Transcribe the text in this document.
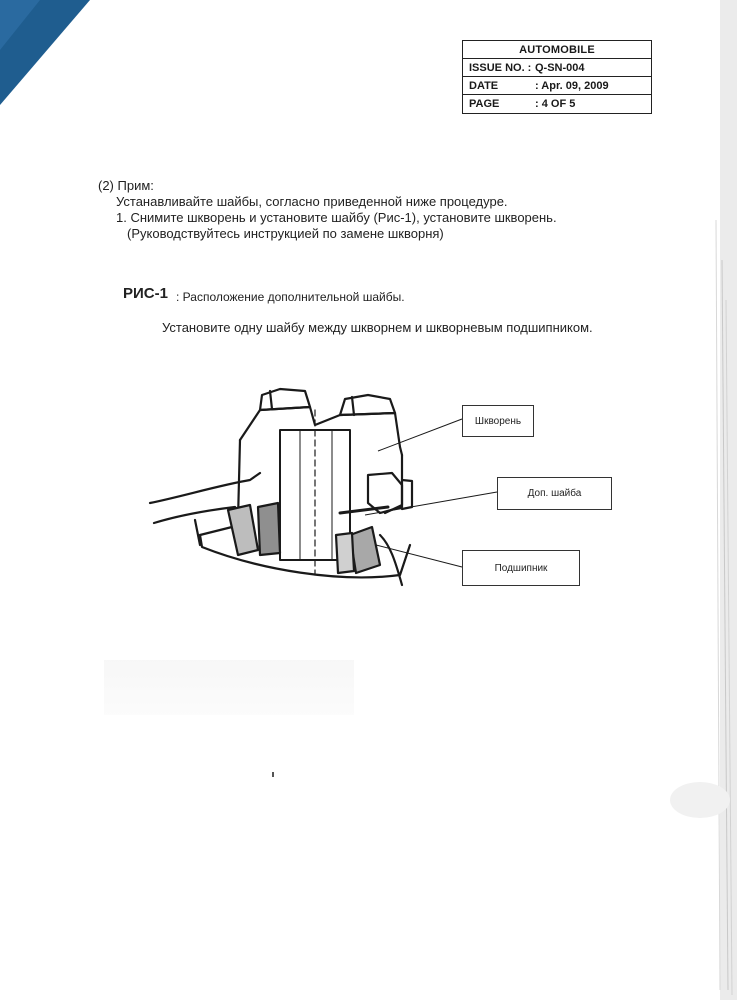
AUTOMOBILE
ISSUE NO. : Q-SN-004
DATE	: Apr. 09, 2009
PAGE	: 4 OF 5
(2) Прим:
Устанавливайте шайбы, согласно приведенной ниже процедуре.
1. Снимите шкворень и установите шайбу (Рис-1), установите шкворень.
(Руководствуйтесь инструкцией по замене шкворня)
РИС-1 : Расположение дополнительной шайбы.
Установите одну шайбу между шкворнем и шкворневым подшипником.
Шкворень
Доп. шайба
Подшипник
